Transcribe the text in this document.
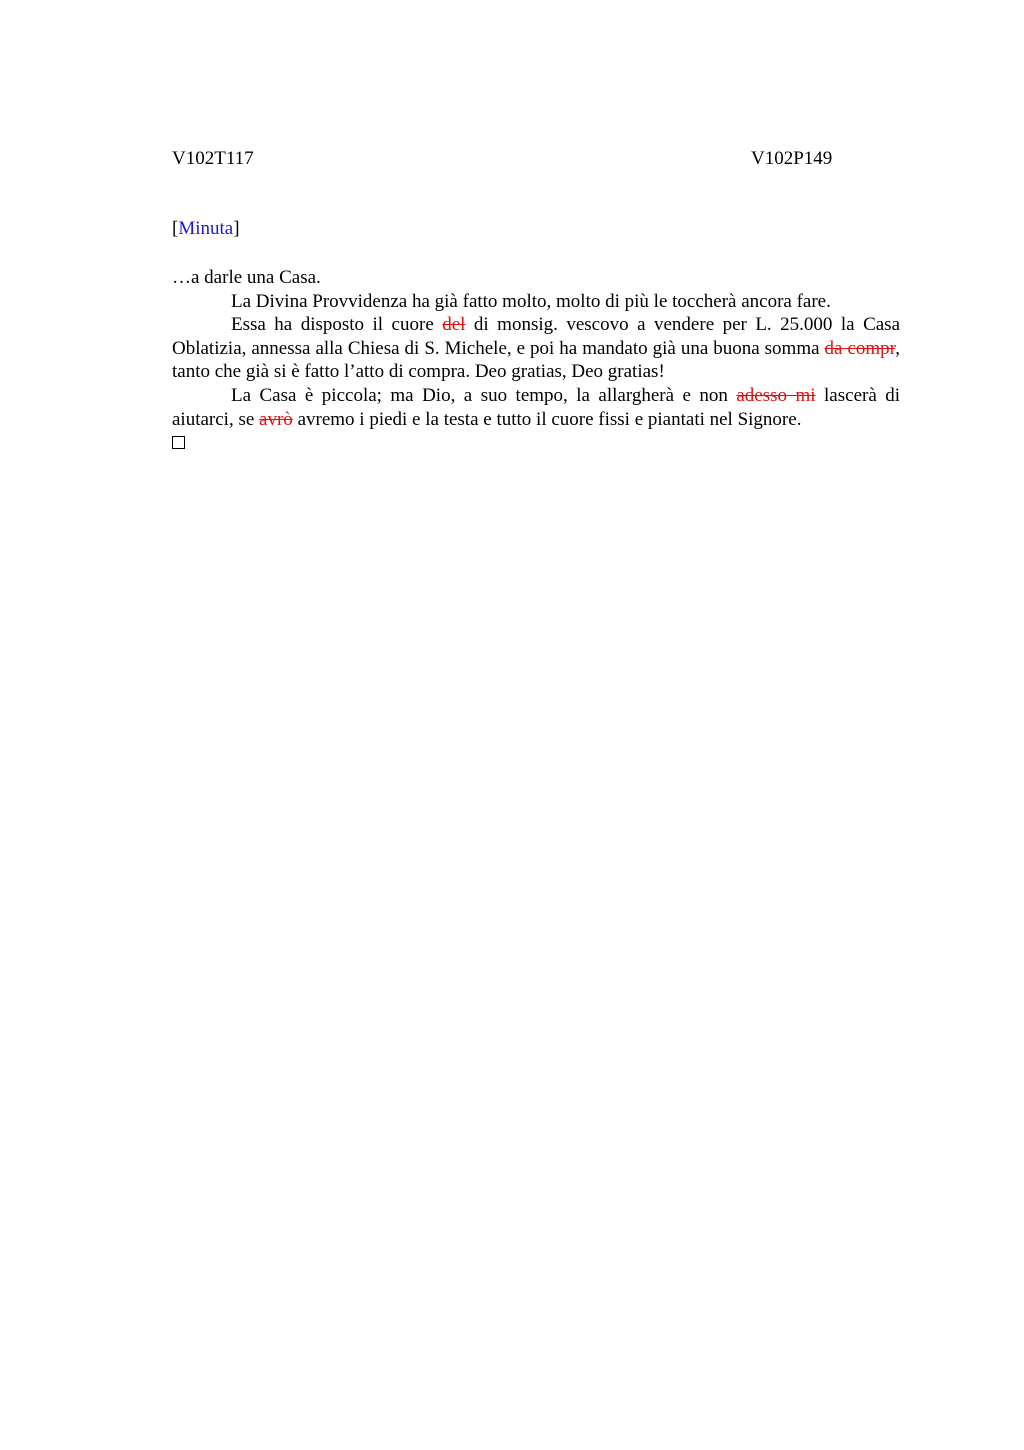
V102T117	V102P149
[Minuta]

…a darle una Casa.

La Divina Provvidenza ha già fatto molto, molto di più le toccherà ancora fare.

Essa ha disposto il cuore del di monsig. vescovo a vendere per L. 25.000 la Casa Oblatizia, annessa alla Chiesa di S. Michele, e poi ha mandato già una buona somma da compr, tanto che già si è fatto l’atto di compra. Deo gratias, Deo gratias!

La Casa è piccola; ma Dio, a suo tempo, la allargherà e non adesso mi lascerà di aiutarci, se avrò avremo i piedi e la testa e tutto il cuore fissi e piantati nel Signore.
